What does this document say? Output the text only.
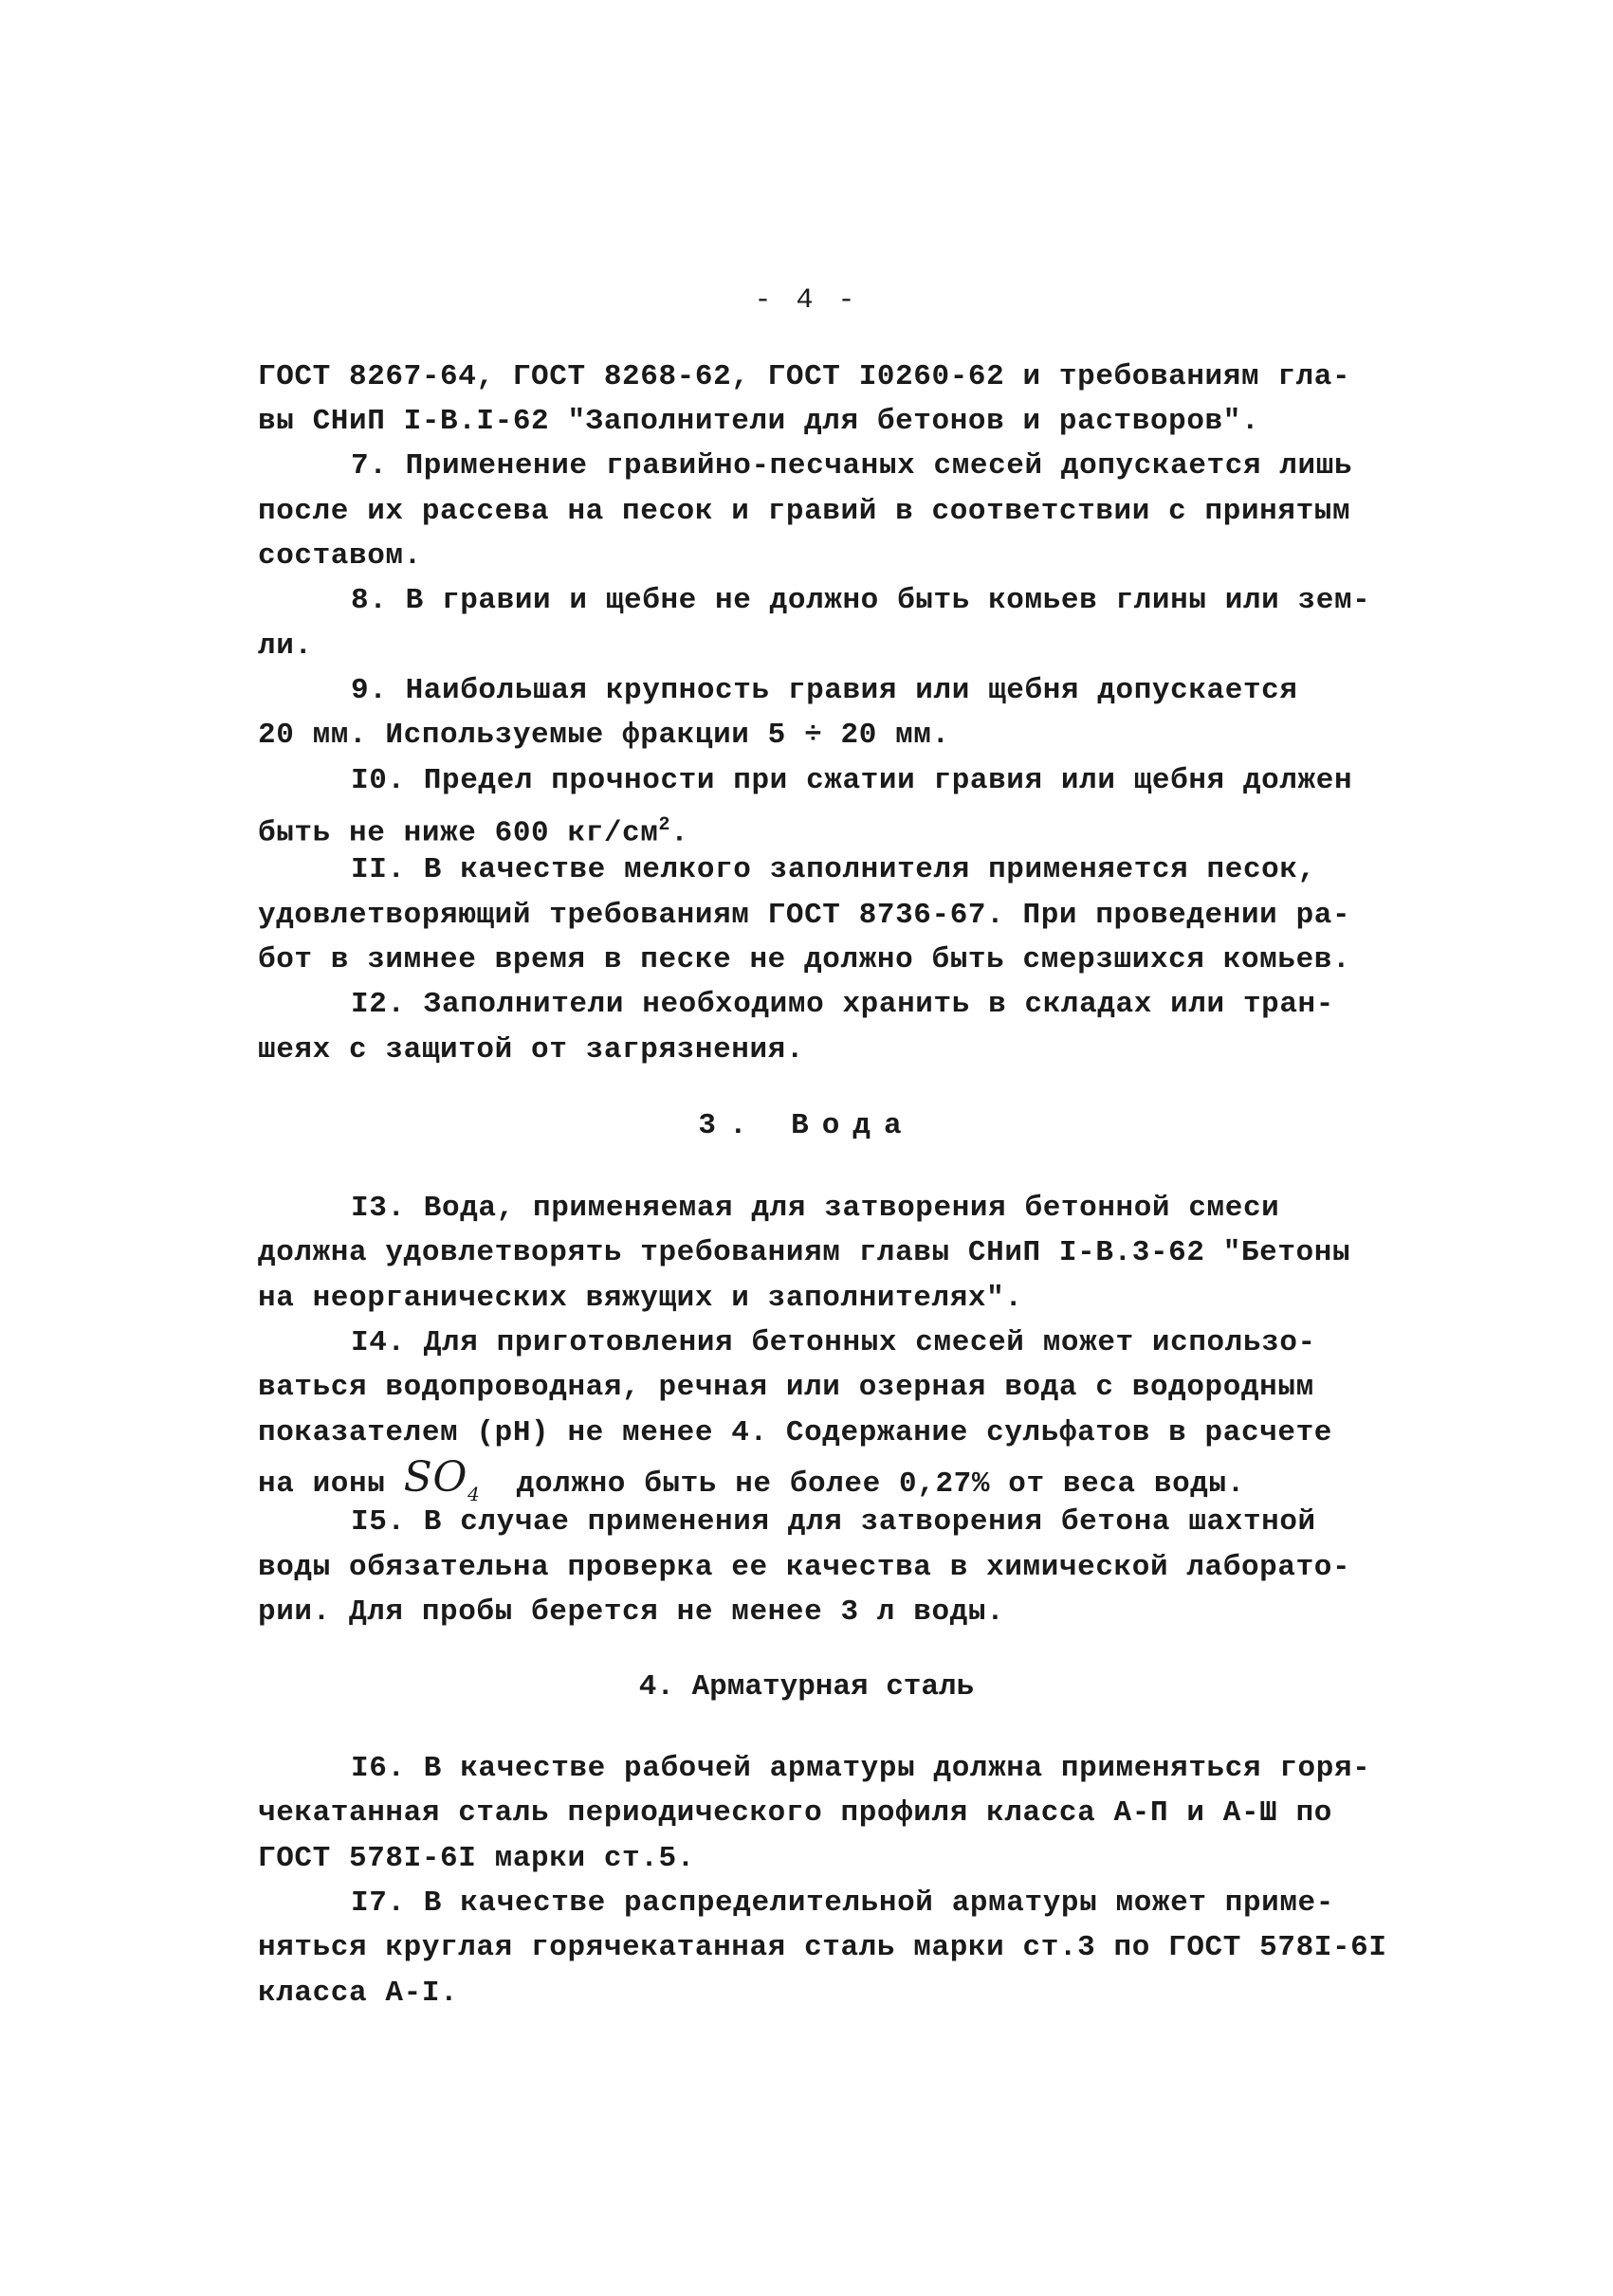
- 4 -
ГОСТ 8267-64, ГОСТ 8268-62, ГОСТ I0260-62 и требованиям гла-
вы СНиП I-В.I-62 "Заполнители для бетонов и растворов".
7. Применение гравийно-песчаных смесей допускается лишь
после их рассева на песок и гравий в соответствии с принятым
составом.
8. В гравии и щебне не должно быть комьев глины или зем-
ли.
9. Наибольшая крупность гравия или щебня допускается
20 мм. Используемые фракции 5 ÷ 20 мм.
I0. Предел прочности при сжатии гравия или щебня должен
быть не ниже 600 $кг/см^2$.
II. В качестве мелкого заполнителя применяется песок,
удовлетворяющий требованиям ГОСТ 8736-67. При проведении ра-
бот в зимнее время в песке не должно быть смерзшихся комьев.
I2. Заполнители необходимо хранить в складах или тран-
шеях с защитой от загрязнения.
3. Вода
I3. Вода, применяемая для затворения бетонной смеси
должна удовлетворять требованиям главы СНиП I-В.3-62 "Бетоны
на неорганических вяжущих и заполнителях".
I4. Для приготовления бетонных смесей может использо-
ваться водопроводная, речная или озерная вода с водородным
показателем (pH) не менее 4. Содержание сульфатов в расчете
на ионы $SO_4$  должно быть не более 0,27% от веса воды.
I5. В случае применения для затворения бетона шахтной
воды обязательна проверка ее качества в химической лаборато-
рии. Для пробы берется не менее 3 л воды.
4. Арматурная сталь
I6. В качестве рабочей арматуры должна применяться горя-
чекатанная сталь периодического профиля класса А-П и А-Ш по
ГОСТ 578I-6I марки ст.5.
I7. В качестве распределительной арматуры может приме-
няться круглая горячекатанная сталь марки ст.3 по ГОСТ 578I-6I
класса А-I.
